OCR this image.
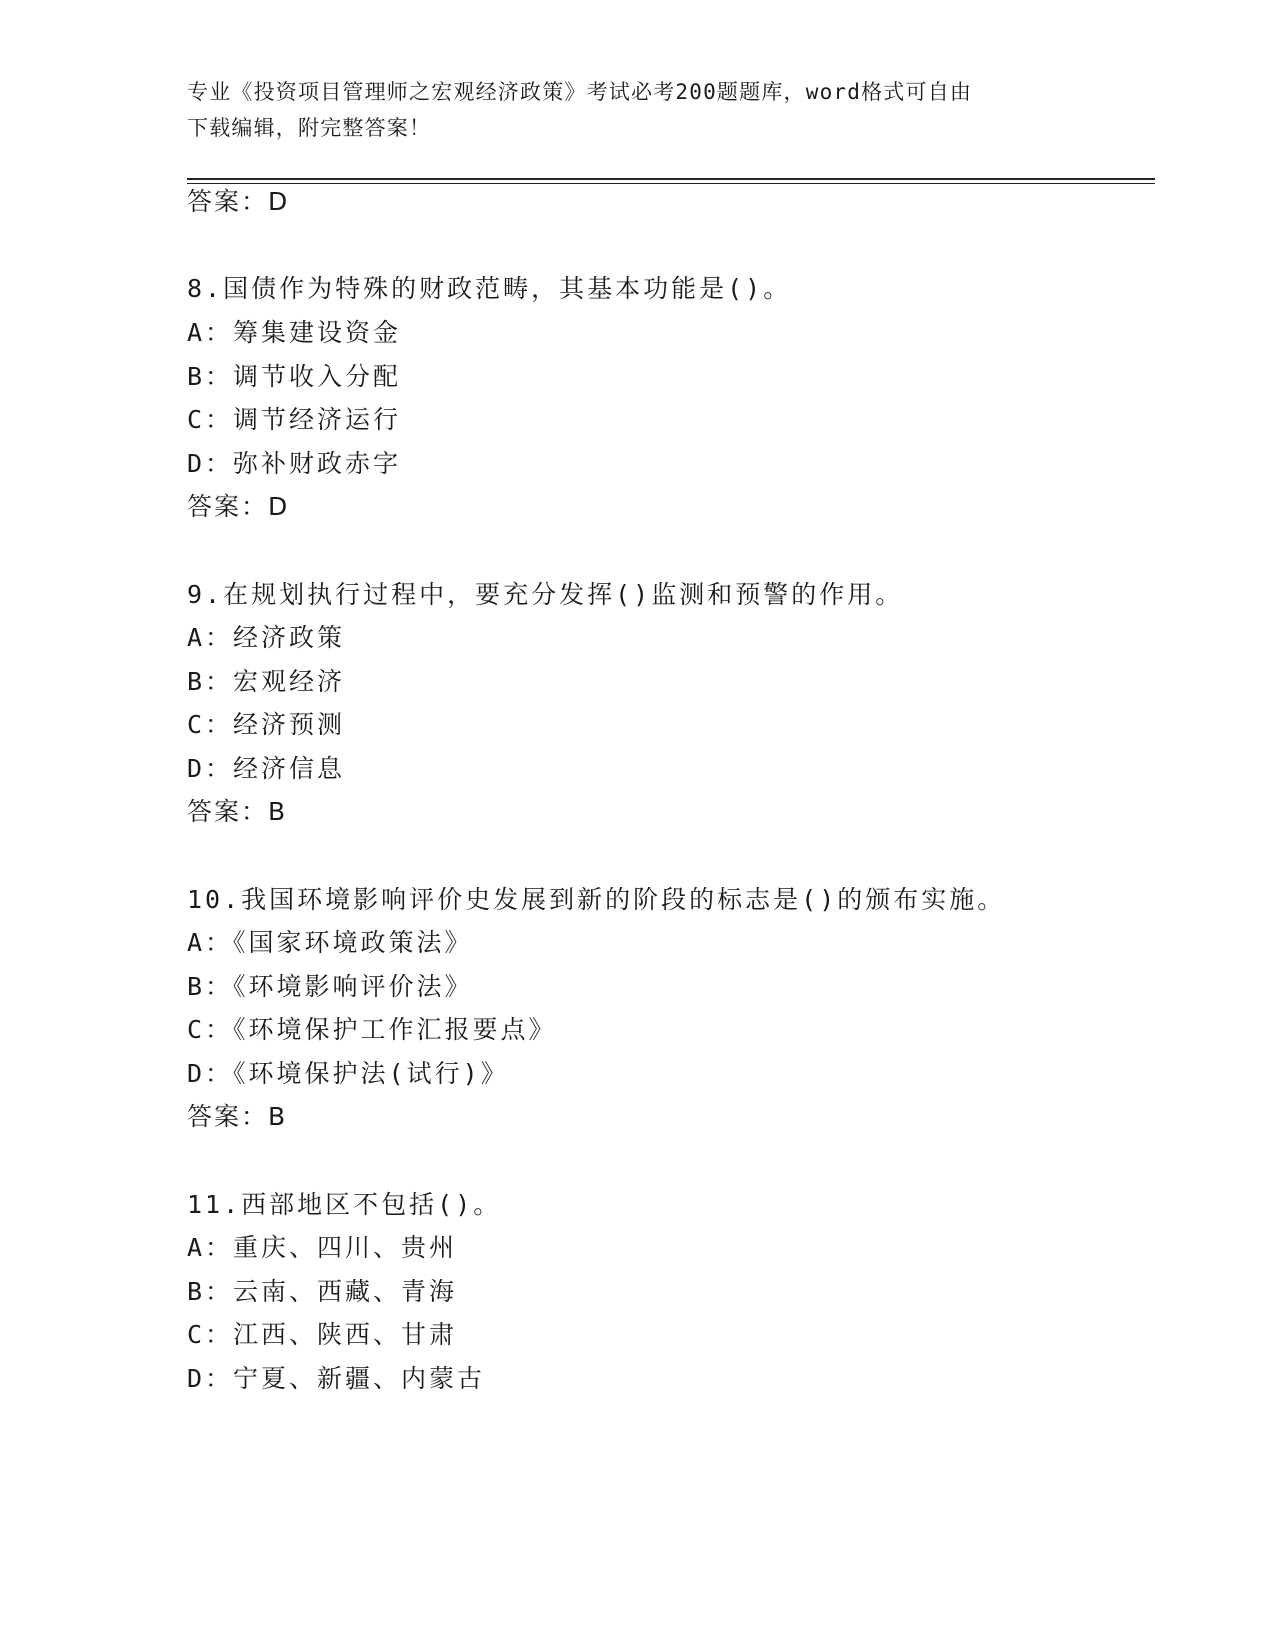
专业《投资项目管理师之宏观经济政策》考试必考200题题库，word格式可自由
下载编辑，附完整答案！
答案：D
8.国债作为特殊的财政范畴，其基本功能是()。
A：筹集建设资金
B：调节收入分配
C：调节经济运行
D：弥补财政赤字
答案：D
9.在规划执行过程中，要充分发挥()监测和预警的作用。
A：经济政策
B：宏观经济
C：经济预测
D：经济信息
答案：B
10.我国环境影响评价史发展到新的阶段的标志是()的颁布实施。
A：《国家环境政策法》
B：《环境影响评价法》
C：《环境保护工作汇报要点》
D：《环境保护法(试行)》
答案：B
11.西部地区不包括()。
A：重庆、四川、贵州
B：云南、西藏、青海
C：江西、陕西、甘肃
D：宁夏、新疆、内蒙古
